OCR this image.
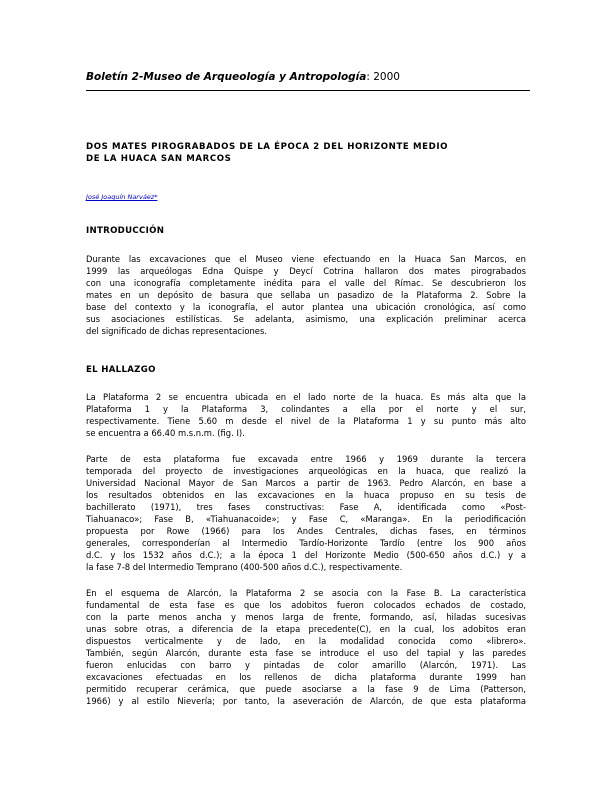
Boletín 2-Museo de Arqueología y Antropología: 2000
DOS MATES PIROGRABADOS DE LA ÉPOCA 2 DEL HORIZONTE MEDIO
DE LA HUACA SAN MARCOS
José Joaquín Narváez*
INTRODUCCIÓN
Durante las excavaciones que el Museo viene efectuando en la Huaca San Marcos, en
1999 las arqueólogas Edna Quispe y Deycí Cotrina hallaron dos mates pirograbados
con una iconografía completamente inédita para el valle del Rímac. Se descubrieron los
mates en un depósito de basura que sellaba un pasadizo de la Plataforma 2. Sobre la
base del contexto y la iconografía, el autor plantea una ubicación cronológica, así como
sus asociaciones estilísticas. Se adelanta, asimismo, una explicación preliminar acerca
del significado de dichas representaciones.
EL HALLAZGO
La Plataforma 2 se encuentra ubicada en el lado norte de la huaca. Es más alta que la
Plataforma 1 y la Plataforma 3, colindantes a ella por el norte y el sur,
respectivamente. Tiene 5.60 m desde el nivel de la Plataforma 1 y su punto más alto
se encuentra a 66.40 m.s.n.m. (fig. I).
Parte de esta plataforma fue excavada entre 1966 y 1969 durante la tercera
temporada del proyecto de investigaciones arqueológicas en la huaca, que realizó la
Universidad Nacional Mayor de San Marcos a partir de 1963. Pedro Alarcón, en base a
los resultados obtenidos en las excavaciones en la huaca propuso en su tesis de
bachillerato (1971), tres fases constructivas: Fase A, identificada como «Post-
Tiahuanaco»; Fase B, «Tiahuanacoide»; y Fase C, «Maranga». En la periodificación
propuesta por Rowe (1966) para los Andes Centrales, dichas fases, en términos
generales, corresponderían al Intermedio Tardío-Horizonte Tardío (entre los 900 años
d.C. y los 1532 años d.C.); a la época 1 del Horizonte Medio (500-650 años d.C.) y a
la fase 7-8 del Intermedio Temprano (400-500 años d.C.), respectivamente.
En el esquema de Alarcón, la Plataforma 2 se asocia con la Fase B. La característica
fundamental de esta fase es que los adobitos fueron colocados echados de costado,
con la parte menos ancha y menos larga de frente, formando, así, hiladas sucesivas
unas sobre otras, a diferencia de la etapa precedente(C), en la cual, los adobitos eran
dispuestos verticalmente y de lado, en la modalidad conocida como «librero».
También, según Alarcón, durante esta fase se introduce el uso del tapial y las paredes
fueron enlucidas con barro y pintadas de color amarillo (Alarcón, 1971). Las
excavaciones efectuadas en los rellenos de dicha plataforma durante 1999 han
permitido recuperar cerámica, que puede asociarse a la fase 9 de Lima (Patterson,
1966) y al estilo Nievería; por tanto, la aseveración de Alarcón, de que esta plataforma
